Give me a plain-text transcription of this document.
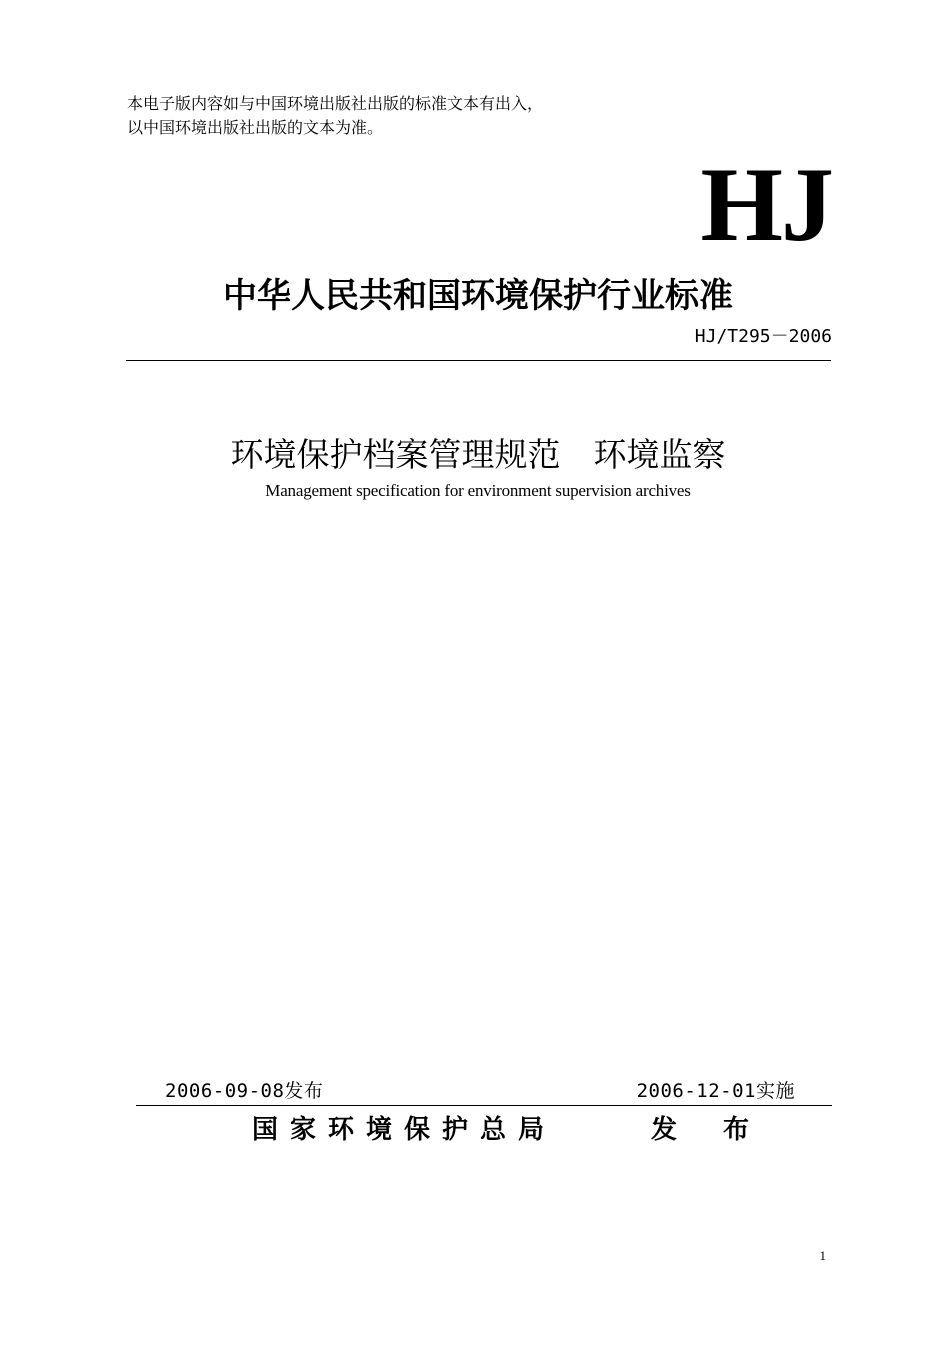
本电子版内容如与中国环境出版社出版的标准文本有出入，
以中国环境出版社出版的文本为准。
HJ
中华人民共和国环境保护行业标准
HJ/T295－2006
环境保护档案管理规范　环境监察
Management specification for environment supervision archives
2006-09-08发布	2006-12-01实施
国家环境保护总局	发布
1
